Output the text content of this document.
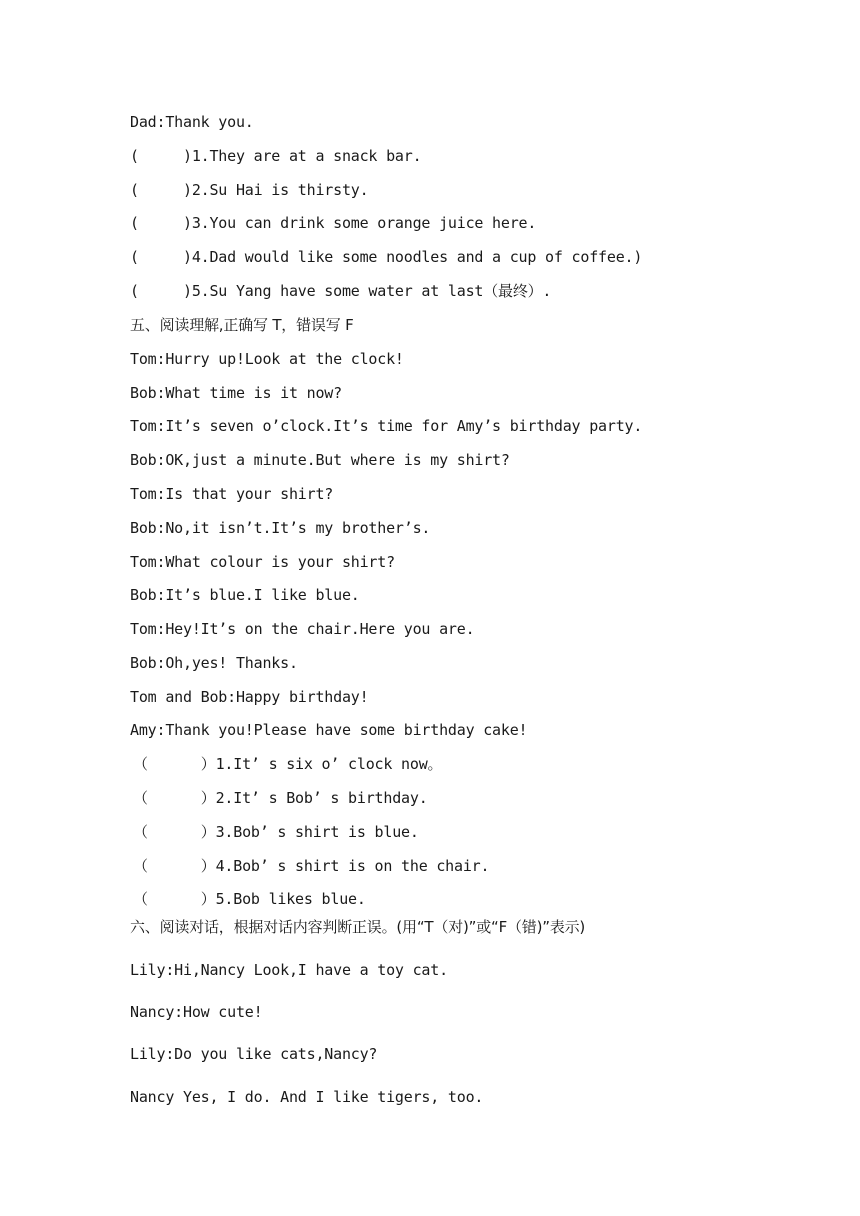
Dad:Thank you.
(     )1.They are at a snack bar.
(     )2.Su Hai is thirsty.
(     )3.You can drink some orange juice here.
(     )4.Dad would like some noodles and a cup of coffee.)
(     )5.Su Yang have some water at last（最终）.
五、阅读理解,正确写 T，错误写 F
Tom:Hurry up!Look at the clock!
Bob:What time is it now?
Tom:It’s seven o’clock.It’s time for Amy’s birthday party.
Bob:OK,just a minute.But where is my shirt?
Tom:Is that your shirt?
Bob:No,it isn’t.It’s my brother’s.
Tom:What colour is your shirt?
Bob:It’s blue.I like blue.
Tom:Hey!It’s on the chair.Here you are.
Bob:Oh,yes! Thanks.
Tom and Bob:Happy birthday!
Amy:Thank you!Please have some birthday cake!
（      ）1.It’ s six o’ clock now。
（      ）2.It’ s Bob’ s birthday.
（      ）3.Bob’ s shirt is blue.
（      ）4.Bob’ s shirt is on the chair.
（      ）5.Bob likes blue.
六、阅读对话，根据对话内容判断正误。(用“T（对)”或“F（错)”表示)
Lily:Hi,Nancy Look,I have a toy cat.
Nancy:How cute!
Lily:Do you like cats,Nancy?
Nancy Yes, I do. And I like tigers, too.
